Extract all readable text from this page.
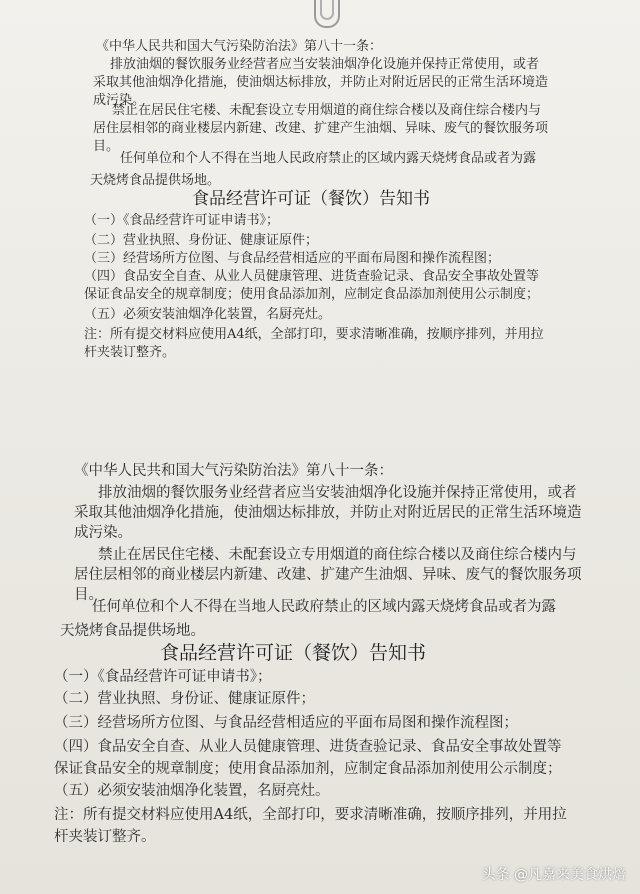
《中华人民共和国大气污染防治法》第八十一条：
排放油烟的餐饮服务业经营者应当安装油烟净化设施并保持正常使用，或者
采取其他油烟净化措施，使油烟达标排放，并防止对附近居民的正常生活环境造
成污染。
禁止在居民住宅楼、未配套设立专用烟道的商住综合楼以及商住综合楼内与
居住层相邻的商业楼层内新建、改建、扩建产生油烟、异味、废气的餐饮服务项
目。
任何单位和个人不得在当地人民政府禁止的区域内露天烧烤食品或者为露
天烧烤食品提供场地。
食品经营许可证（餐饮）告知书
（一）《食品经营许可证申请书》；
（二）营业执照、身份证、健康证原件；
（三）经营场所方位图、与食品经营相适应的平面布局图和操作流程图；
（四）食品安全自查、从业人员健康管理、进货查验记录、食品安全事故处置等
保证食品安全的规章制度；使用食品添加剂，应制定食品添加剂使用公示制度；
（五）必须安装油烟净化装置，名厨亮灶。
注：所有提交材料应使用A4纸，全部打印，要求清晰准确，按顺序排列，并用拉
杆夹装订整齐。
《中华人民共和国大气污染防治法》第八十一条：
排放油烟的餐饮服务业经营者应当安装油烟净化设施并保持正常使用，或者
采取其他油烟净化措施，使油烟达标排放，并防止对附近居民的正常生活环境造
成污染。
禁止在居民住宅楼、未配套设立专用烟道的商住综合楼以及商住综合楼内与
居住层相邻的商业楼层内新建、改建、扩建产生油烟、异味、废气的餐饮服务项
目。
任何单位和个人不得在当地人民政府禁止的区域内露天烧烤食品或者为露
天烧烤食品提供场地。
食品经营许可证（餐饮）告知书
（一）《食品经营许可证申请书》；
（二）营业执照、身份证、健康证原件；
（三）经营场所方位图、与食品经营相适应的平面布局图和操作流程图；
（四）食品安全自查、从业人员健康管理、进货查验记录、食品安全事故处置等
保证食品安全的规章制度；使用食品添加剂，应制定食品添加剂使用公示制度；
（五）必须安装油烟净化装置，名厨亮灶。
注：所有提交材料应使用A4纸，全部打印，要求清晰准确，按顺序排列，并用拉
杆夹装订整齐。
头条 @凡嘉来美食烘焙
